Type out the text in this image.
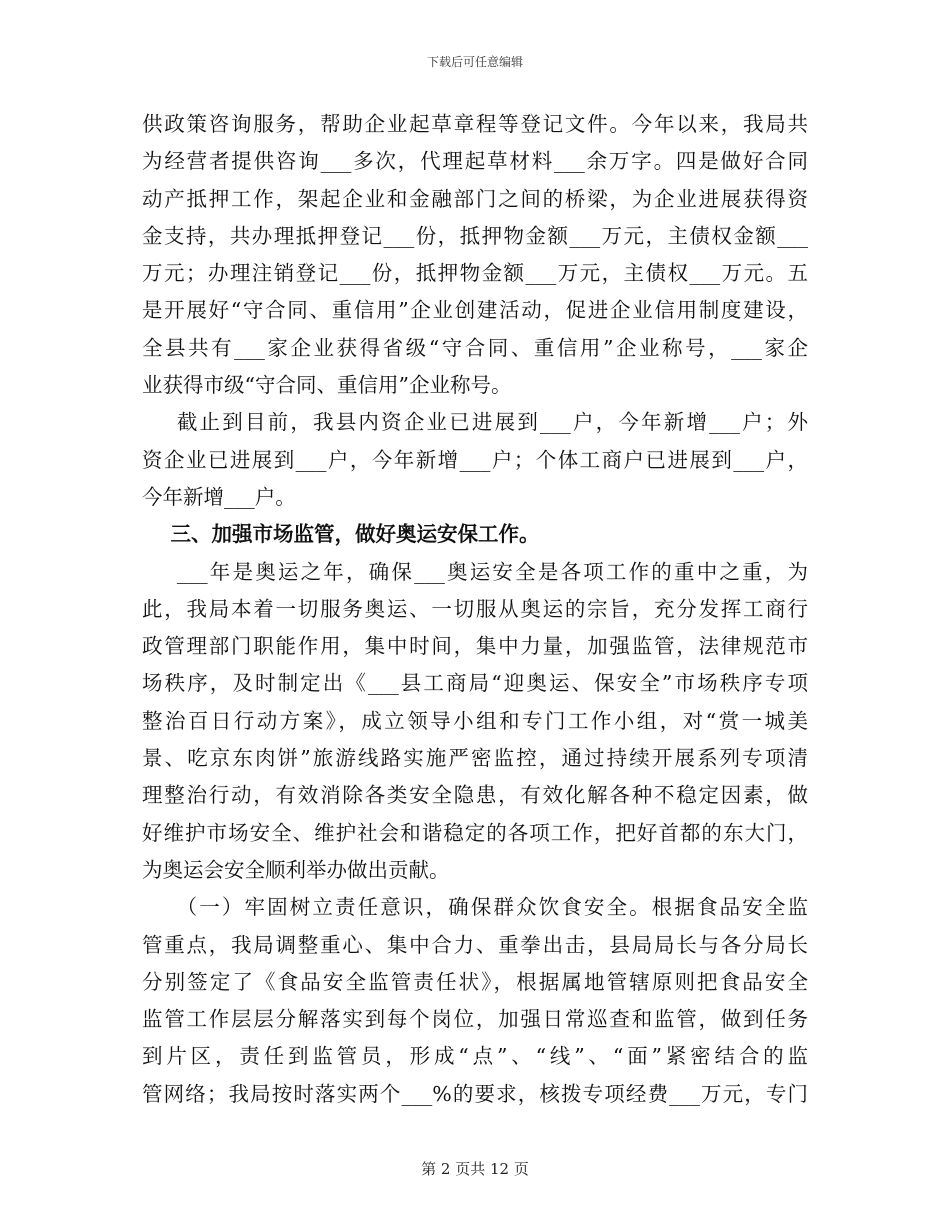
下载后可任意编辑
供政策咨询服务，帮助企业起草章程等登记文件。今年以来，我局共
为经营者提供咨询___多次，代理起草材料___余万字。四是做好合同
动产抵押工作，架起企业和金融部门之间的桥梁，为企业进展获得资
金支持，共办理抵押登记___份，抵押物金额___万元，主债权金额___
万元；办理注销登记___份，抵押物金额___万元，主债权___万元。五
是开展好“守合同、重信用”企业创建活动，促进企业信用制度建设，
全县共有___家企业获得省级“守合同、重信用”企业称号，___家企
业获得市级“守合同、重信用”企业称号。
截止到目前，我县内资企业已进展到___户，今年新增___户；外
资企业已进展到___户，今年新增___户；个体工商户已进展到___户，
今年新增___户。
三、加强市场监管，做好奥运安保工作。
___年是奥运之年，确保___奥运安全是各项工作的重中之重，为
此，我局本着一切服务奥运、一切服从奥运的宗旨，充分发挥工商行
政管理部门职能作用，集中时间，集中力量，加强监管，法律规范市
场秩序，及时制定出《___县工商局“迎奥运、保安全”市场秩序专项
整治百日行动方案》，成立领导小组和专门工作小组，对“赏一城美
景、吃京东肉饼”旅游线路实施严密监控，通过持续开展系列专项清
理整治行动，有效消除各类安全隐患，有效化解各种不稳定因素，做
好维护市场安全、维护社会和谐稳定的各项工作，把好首都的东大门，
为奥运会安全顺利举办做出贡献。
（一）牢固树立责任意识，确保群众饮食安全。根据食品安全监
管重点，我局调整重心、集中合力、重拳出击，县局局长与各分局长
分别签定了《食品安全监管责任状》，根据属地管辖原则把食品安全
监管工作层层分解落实到每个岗位，加强日常巡查和监管，做到任务
到片区，责任到监管员，形成“点”、“线”、“面”紧密结合的监
管网络；我局按时落实两个___%的要求，核拨专项经费___万元，专门
第 2 页共 12 页
